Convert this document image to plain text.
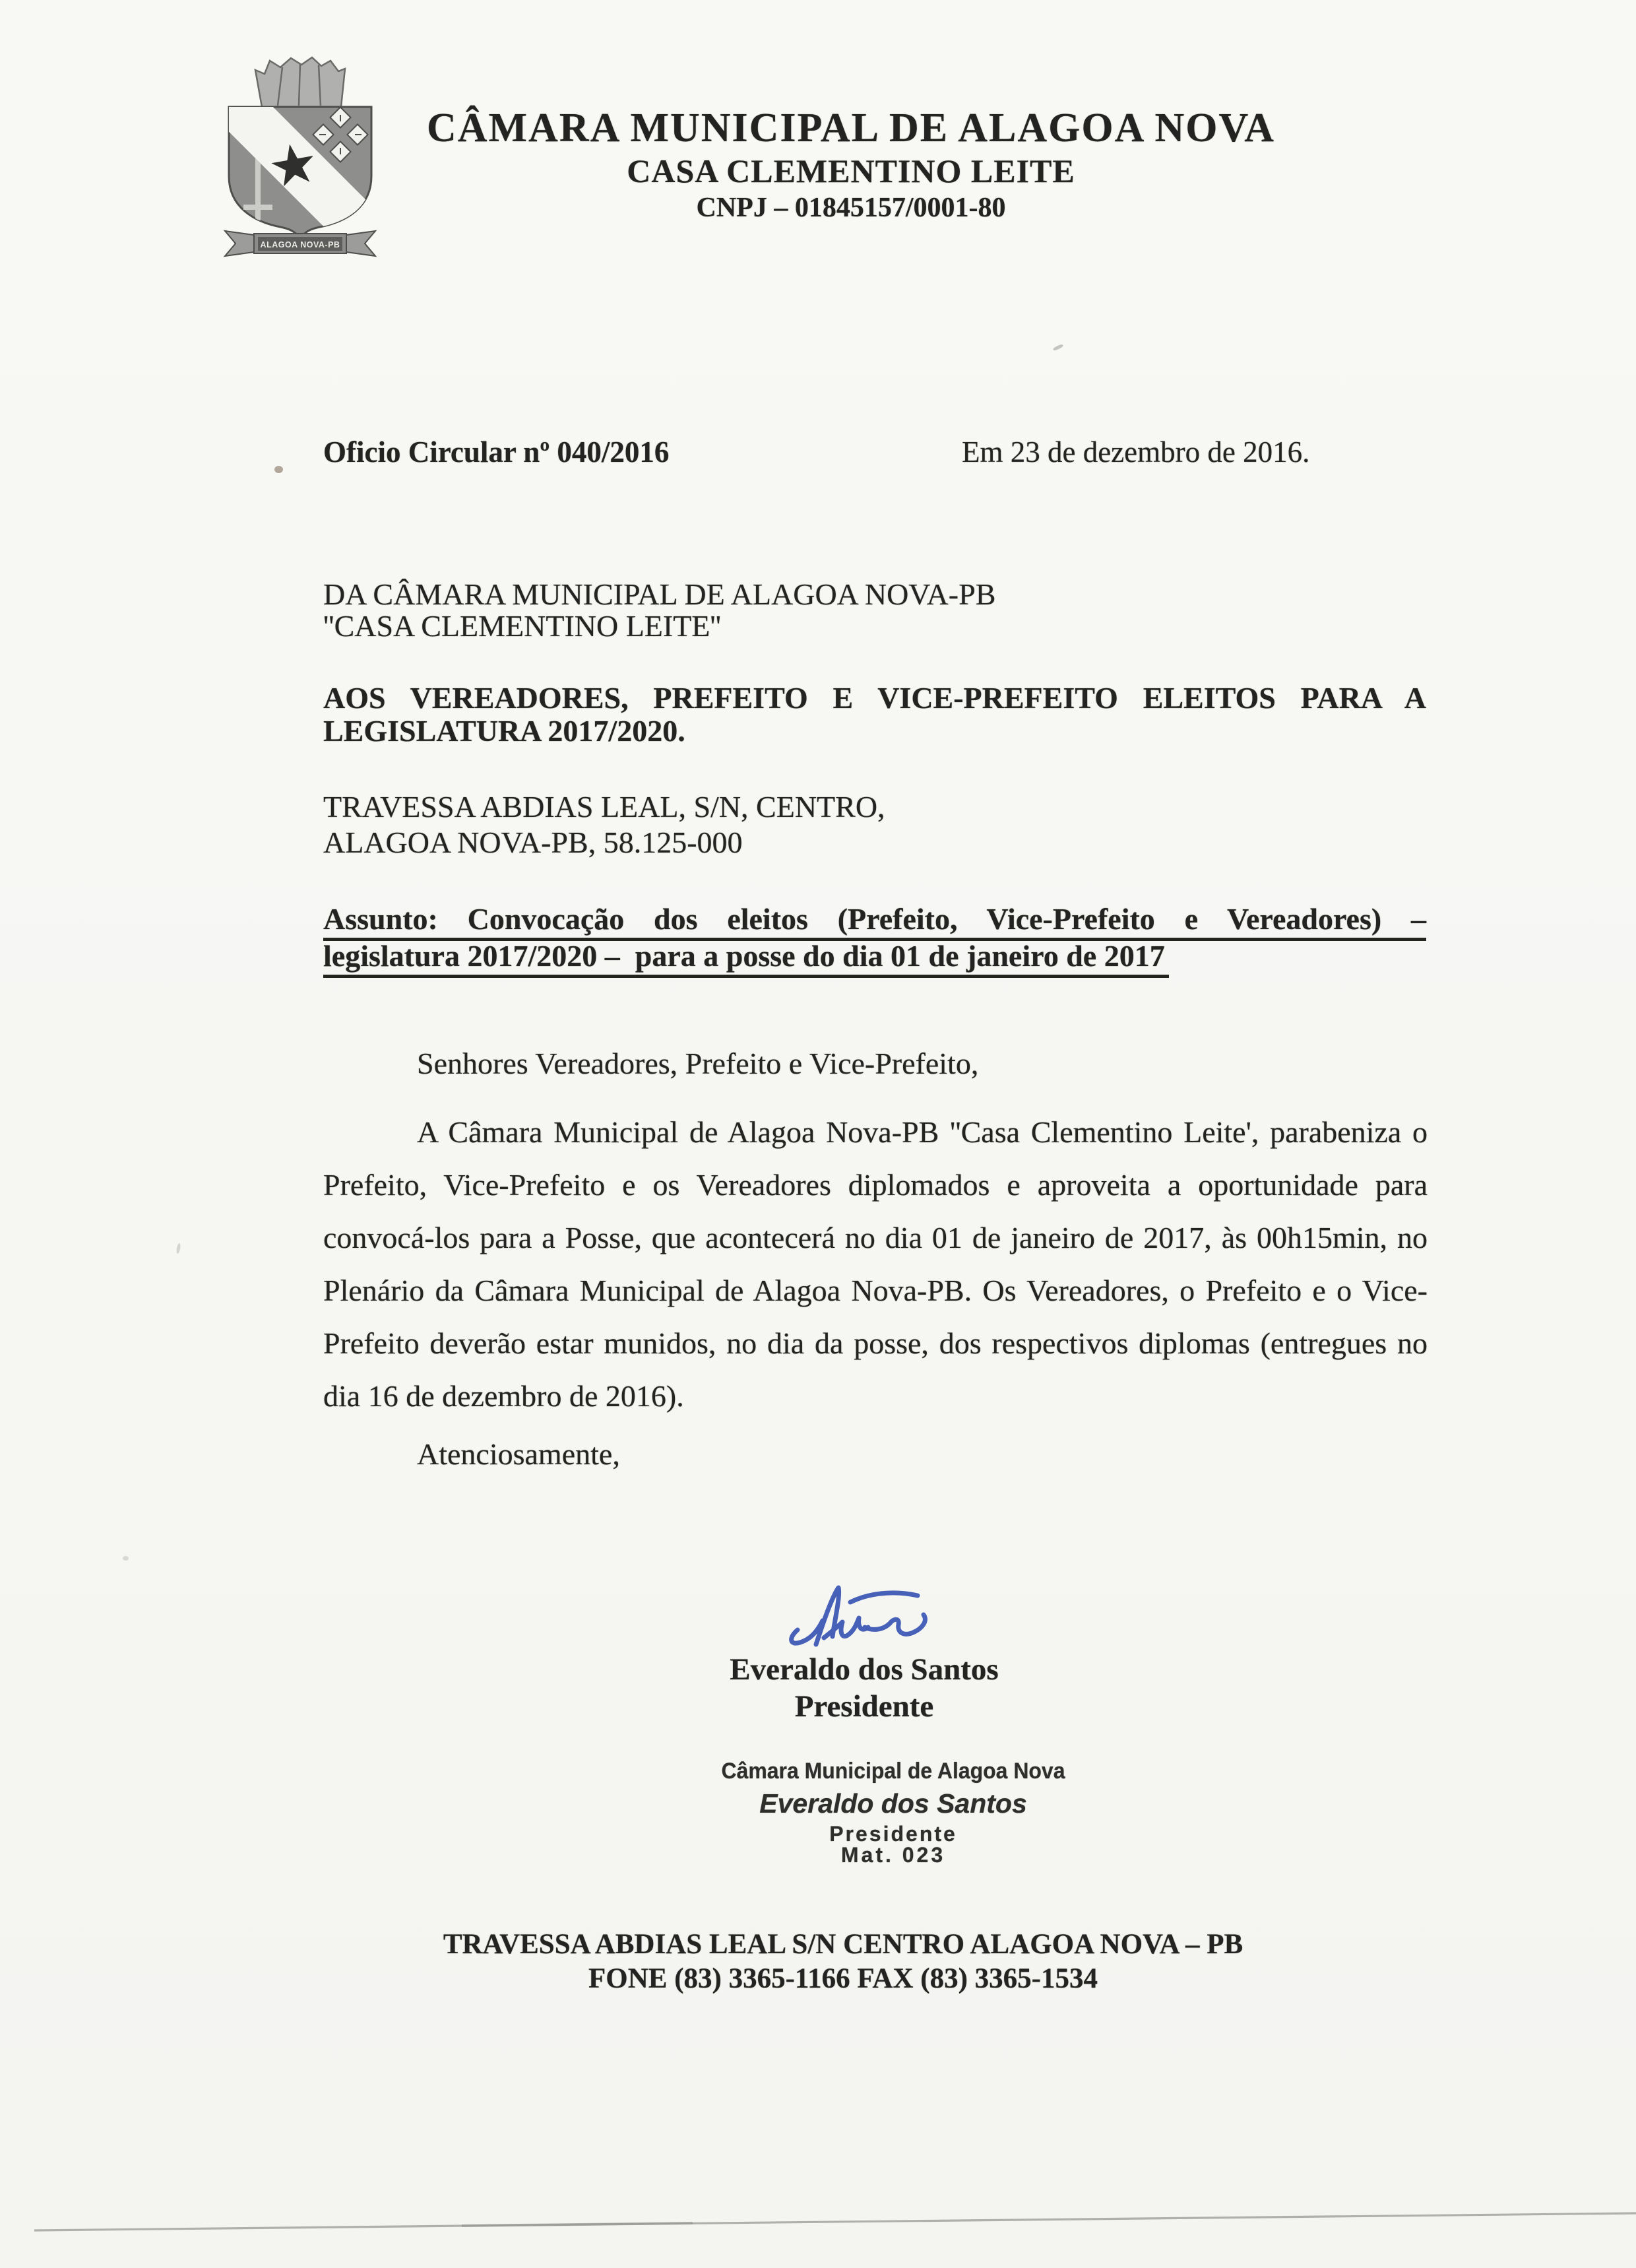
ALAGOA NOVA-PB
CÂMARA MUNICIPAL DE ALAGOA NOVA
CASA CLEMENTINO LEITE
CNPJ – 01845157/0001-80
Oficio Circular nº 040/2016	Em 23 de dezembro de 2016.
DA CÂMARA MUNICIPAL DE ALAGOA NOVA-PB
''CASA CLEMENTINO LEITE''
AOS VEREADORES, PREFEITO E VICE-PREFEITO ELEITOS PARA A
LEGISLATURA 2017/2020.
TRAVESSA ABDIAS LEAL, S/N, CENTRO,
ALAGOA NOVA-PB, 58.125-000
Assunto: Convocação dos eleitos (Prefeito, Vice-Prefeito e Vereadores) –
legislatura 2017/2020 –  para a posse do dia 01 de janeiro de 2017
Senhores Vereadores, Prefeito e Vice-Prefeito,
A Câmara Municipal de Alagoa Nova-PB ''Casa Clementino Leite', parabeniza o Prefeito, Vice-Prefeito e os Vereadores diplomados e aproveita a oportunidade para convocá-los para a Posse, que acontecerá no dia 01 de janeiro de 2017, às 00h15min, no Plenário da Câmara Municipal de Alagoa Nova-PB. Os Vereadores, o Prefeito e o Vice-Prefeito deverão estar munidos, no dia da posse, dos respectivos diplomas (entregues no dia 16 de dezembro de 2016).
Atenciosamente,
Everaldo dos Santos
Presidente
Câmara Municipal de Alagoa Nova
Everaldo dos Santos
Presidente
Mat. 023
TRAVESSA ABDIAS LEAL S/N CENTRO ALAGOA NOVA – PB
FONE (83) 3365-1166 FAX (83) 3365-1534
